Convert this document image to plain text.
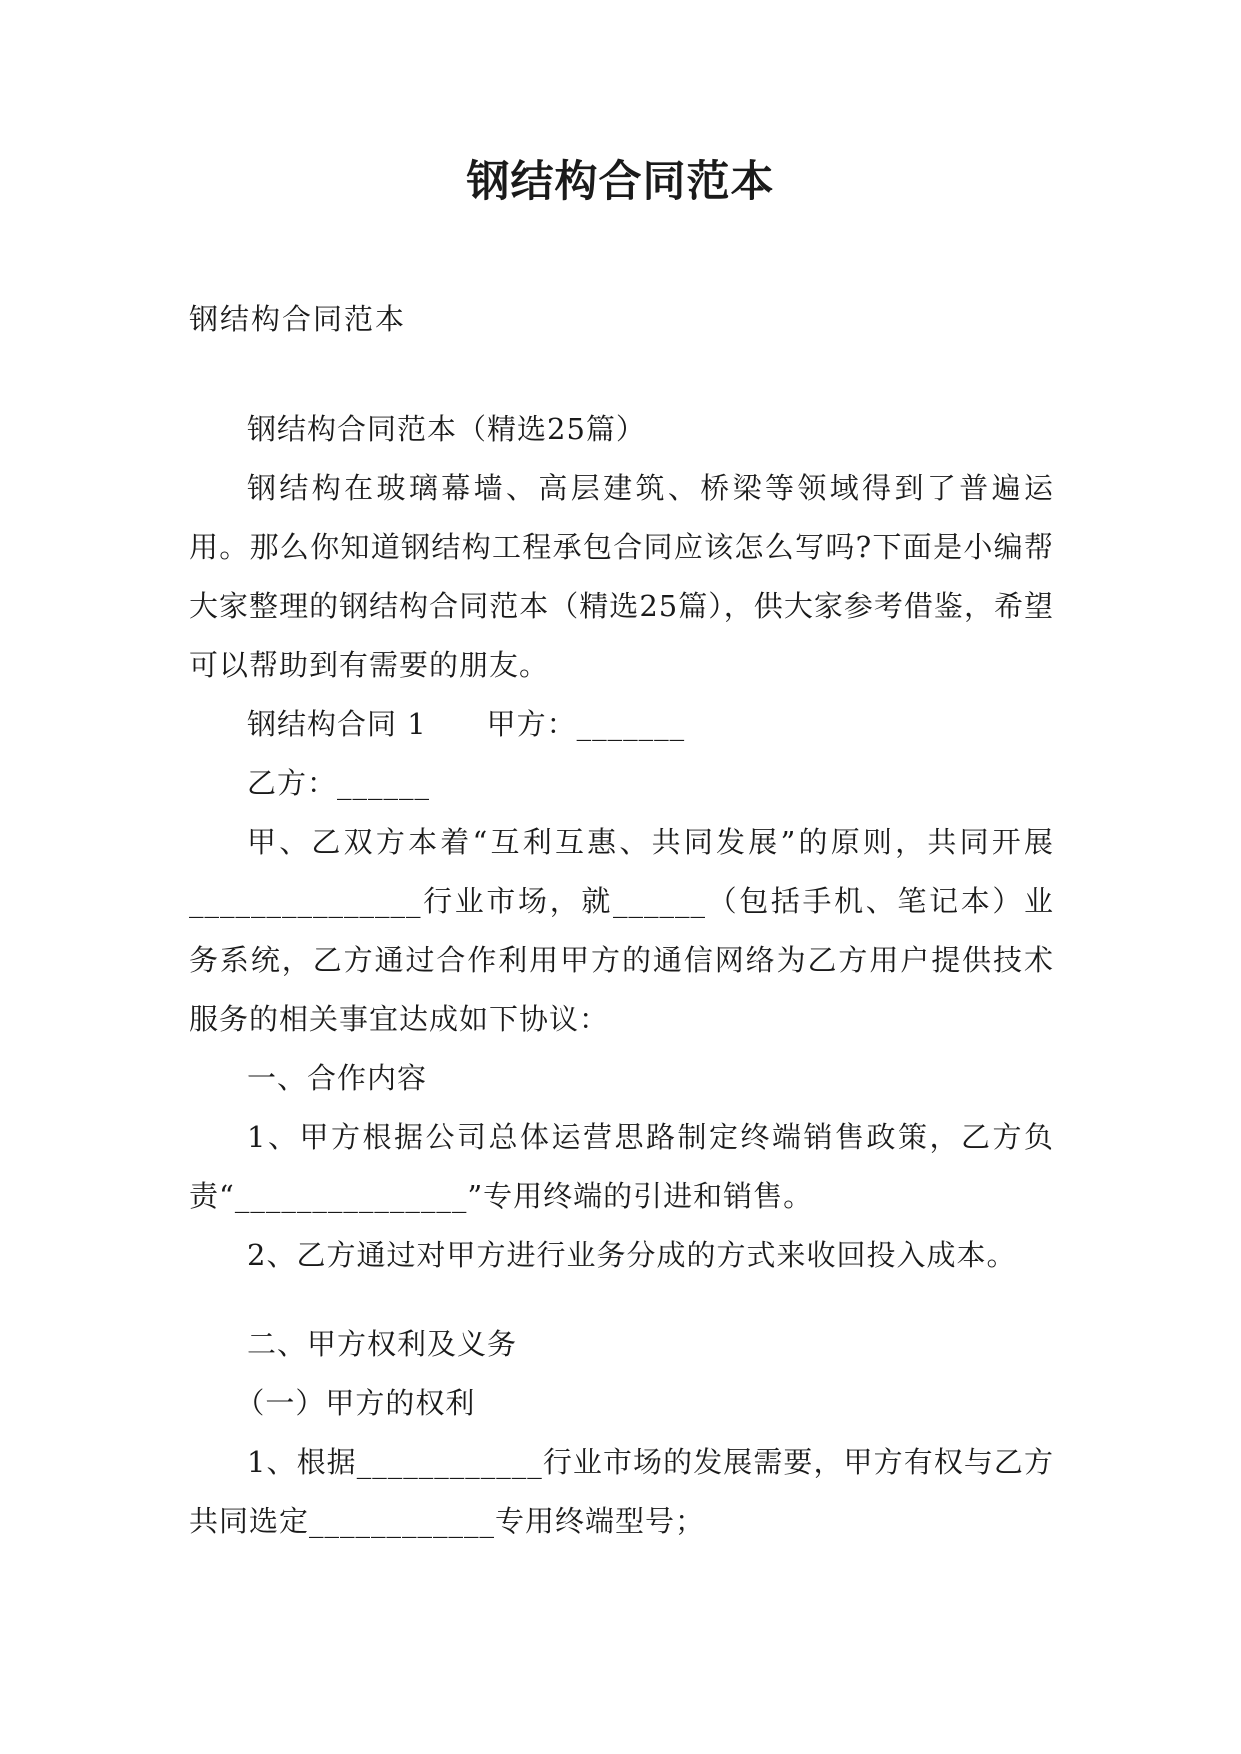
钢结构合同范本

钢结构合同范本

钢结构合同范本（精选25篇）

钢结构在玻璃幕墙、高层建筑、桥梁等领域得到了普遍运用。那么你知道钢结构工程承包合同应该怎么写吗?下面是小编帮大家整理的钢结构合同范本（精选25篇），供大家参考借鉴，希望可以帮助到有需要的朋友。

钢结构合同 1　　甲方：_______

乙方：______

甲、乙双方本着“互利互惠、共同发展”的原则，共同开展_______________行业市场，就______（包括手机、笔记本）业务系统，乙方通过合作利用甲方的通信网络为乙方用户提供技术服务的相关事宜达成如下协议：

一、合作内容

1、甲方根据公司总体运营思路制定终端销售政策，乙方负责“_______________”专用终端的引进和销售。

2、乙方通过对甲方进行业务分成的方式来收回投入成本。

二、甲方权利及义务

（一）甲方的权利

1、根据____________行业市场的发展需要，甲方有权与乙方共同选定____________专用终端型号；
